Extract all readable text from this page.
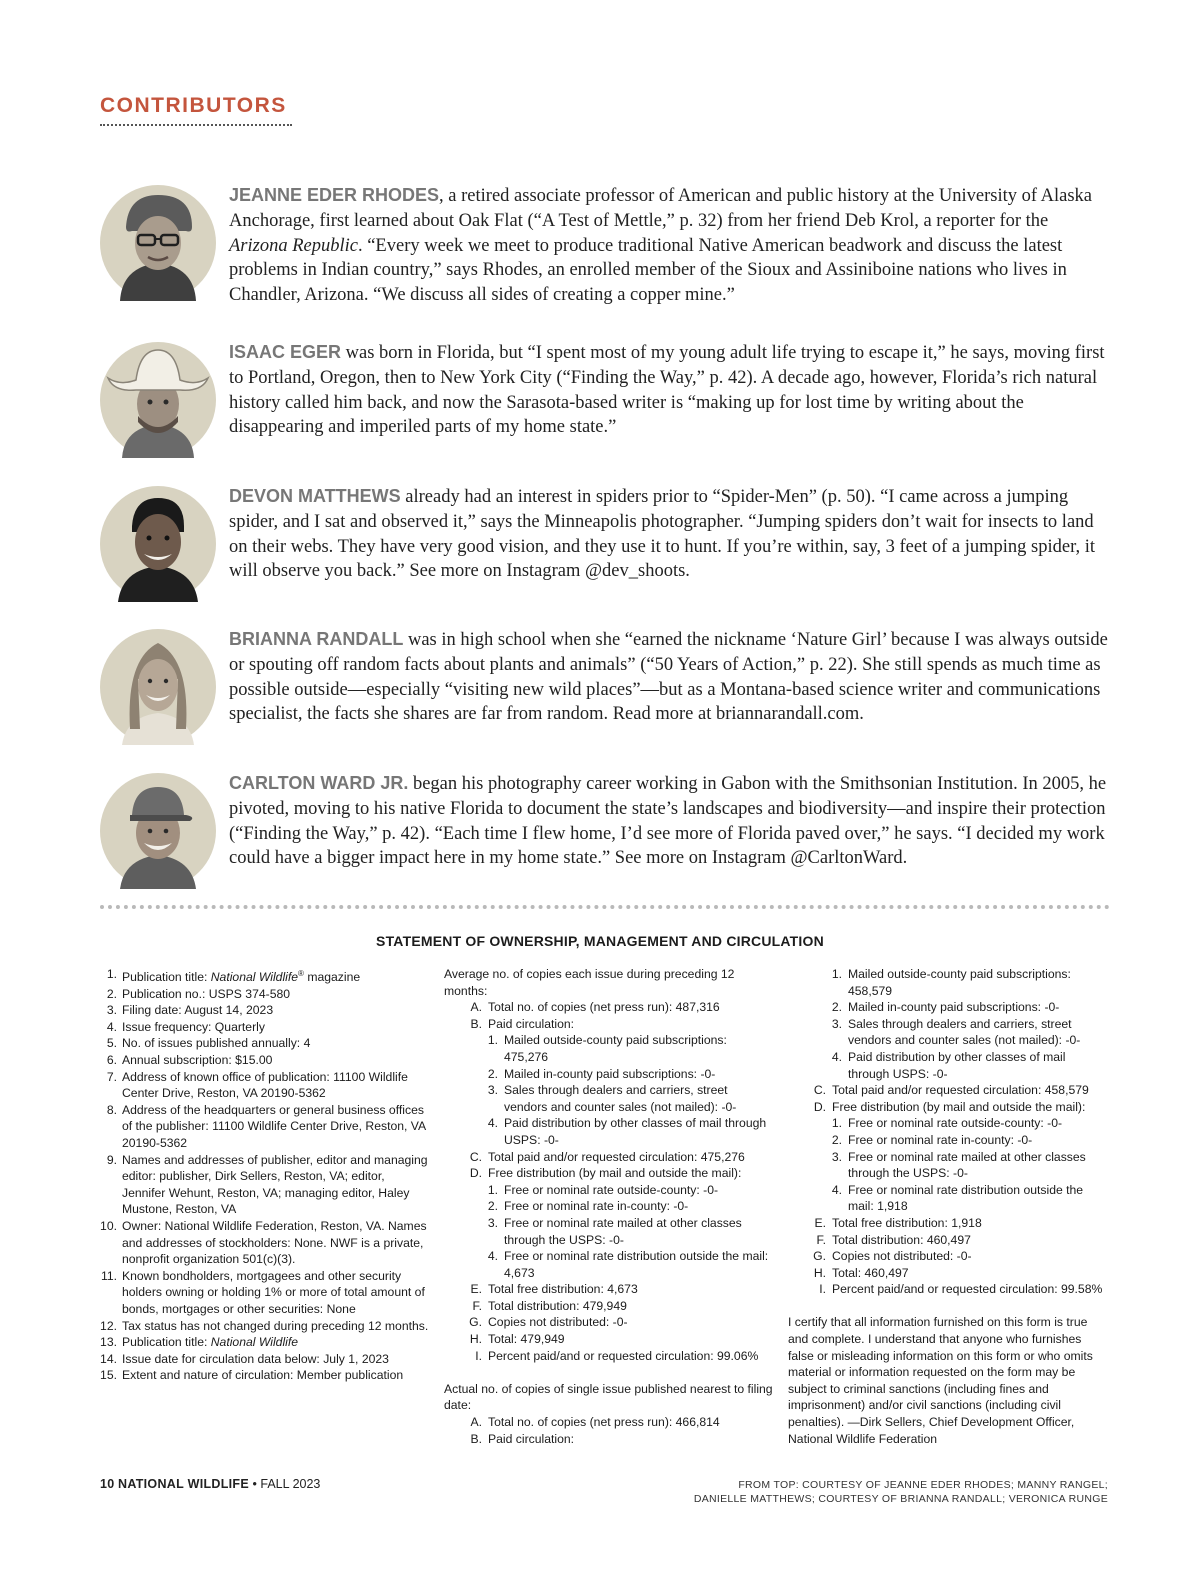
CONTRIBUTORS
JEANNE EDER RHODES, a retired associate professor of American and public history at the University of Alaska Anchorage, first learned about Oak Flat (“A Test of Mettle,” p. 32) from her friend Deb Krol, a reporter for the Arizona Republic. “Every week we meet to produce traditional Native American beadwork and discuss the latest problems in Indian country,” says Rhodes, an enrolled member of the Sioux and Assiniboine nations who lives in Chandler, Arizona. “We discuss all sides of creating a copper mine.”
ISAAC EGER was born in Florida, but “I spent most of my young adult life trying to escape it,” he says, moving first to Portland, Oregon, then to New York City (“Finding the Way,” p. 42). A decade ago, however, Florida’s rich natural history called him back, and now the Sarasota-based writer is “making up for lost time by writing about the disappearing and imperiled parts of my home state.”
DEVON MATTHEWS already had an interest in spiders prior to “Spider-Men” (p. 50). “I came across a jumping spider, and I sat and observed it,” says the Minneapolis photographer. “Jumping spiders don’t wait for insects to land on their webs. They have very good vision, and they use it to hunt. If you’re within, say, 3 feet of a jumping spider, it will observe you back.” See more on Instagram @dev_shoots.
BRIANNA RANDALL was in high school when she “earned the nickname ‘Nature Girl’ because I was always outside or spouting off random facts about plants and animals” (“50 Years of Action,” p. 22). She still spends as much time as possible outside—especially “visiting new wild places”—but as a Montana-based science writer and communications specialist, the facts she shares are far from random. Read more at briannarandall.com.
CARLTON WARD JR. began his photography career working in Gabon with the Smithsonian Institution. In 2005, he pivoted, moving to his native Florida to document the state’s landscapes and biodiversity—and inspire their protection (“Finding the Way,” p. 42). “Each time I flew home, I’d see more of Florida paved over,” he says. “I decided my work could have a bigger impact here in my home state.” See more on Instagram @CarltonWard.
STATEMENT OF OWNERSHIP, MANAGEMENT AND CIRCULATION
1. Publication title: National Wildlife® magazine
2. Publication no.: USPS 374-580
3. Filing date: August 14, 2023
4. Issue frequency: Quarterly
5. No. of issues published annually: 4
6. Annual subscription: $15.00
7. Address of known office of publication: 11100 Wildlife Center Drive, Reston, VA 20190-5362
8. Address of the headquarters or general business offices of the publisher: 11100 Wildlife Center Drive, Reston, VA 20190-5362
9. Names and addresses of publisher, editor and managing editor: publisher, Dirk Sellers, Reston, VA; editor, Jennifer Wehunt, Reston, VA; managing editor, Haley Mustone, Reston, VA
10. Owner: National Wildlife Federation, Reston, VA. Names and addresses of stockholders: None. NWF is a private, nonprofit organization 501(c)(3).
11. Known bondholders, mortgagees and other security holders owning or holding 1% or more of total amount of bonds, mortgages or other securities: None
12. Tax status has not changed during preceding 12 months.
13. Publication title: National Wildlife
14. Issue date for circulation data below: July 1, 2023
15. Extent and nature of circulation: Member publication

Average no. of copies each issue during preceding 12 months:

A. Total no. of copies (net press run): 487,316
B. Paid circulation:
1. Mailed outside-county paid subscriptions: 475,276
2. Mailed in-county paid subscriptions: -0-
3. Sales through dealers and carriers, street vendors and counter sales (not mailed): -0-
4. Paid distribution by other classes of mail through USPS: -0-
C. Total paid and/or requested circulation: 475,276
D. Free distribution (by mail and outside the mail):
1. Free or nominal rate outside-county: -0-
2. Free or nominal rate in-county: -0-
3. Free or nominal rate mailed at other classes through the USPS: -0-
4. Free or nominal rate distribution outside the mail: 4,673
E. Total free distribution: 4,673
F. Total distribution: 479,949
G. Copies not distributed: -0-
H. Total: 479,949
I. Percent paid/and or requested circulation: 99.06%

Actual no. of copies of single issue published nearest to filing date:

A. Total no. of copies (net press run): 466,814
B. Paid circulation:
1. Mailed outside-county paid subscriptions: 458,579
2. Mailed in-county paid subscriptions: -0-
3. Sales through dealers and carriers, street vendors and counter sales (not mailed): -0-
4. Paid distribution by other classes of mail through USPS: -0-
C. Total paid and/or requested circulation: 458,579
D. Free distribution (by mail and outside the mail):
1. Free or nominal rate outside-county: -0-
2. Free or nominal rate in-county: -0-
3. Free or nominal rate mailed at other classes through the USPS: -0-
4. Free or nominal rate distribution outside the mail: 1,918
E. Total free distribution: 1,918
F. Total distribution: 460,497
G. Copies not distributed: -0-
H. Total: 460,497
I. Percent paid/and or requested circulation: 99.58%

I certify that all information furnished on this form is true and complete. I understand that anyone who furnishes false or misleading information on this form or who omits material or information requested on the form may be subject to criminal sanctions (including fines and imprisonment) and/or civil sanctions (including civil penalties). —Dirk Sellers, Chief Development Officer, National Wildlife Federation

10 NATIONAL WILDLIFE • FALL 2023	FROM TOP: COURTESY OF JEANNE EDER RHODES; MANNY RANGEL;
DANIELLE MATTHEWS; COURTESY OF BRIANNA RANDALL; VERONICA RUNGE
